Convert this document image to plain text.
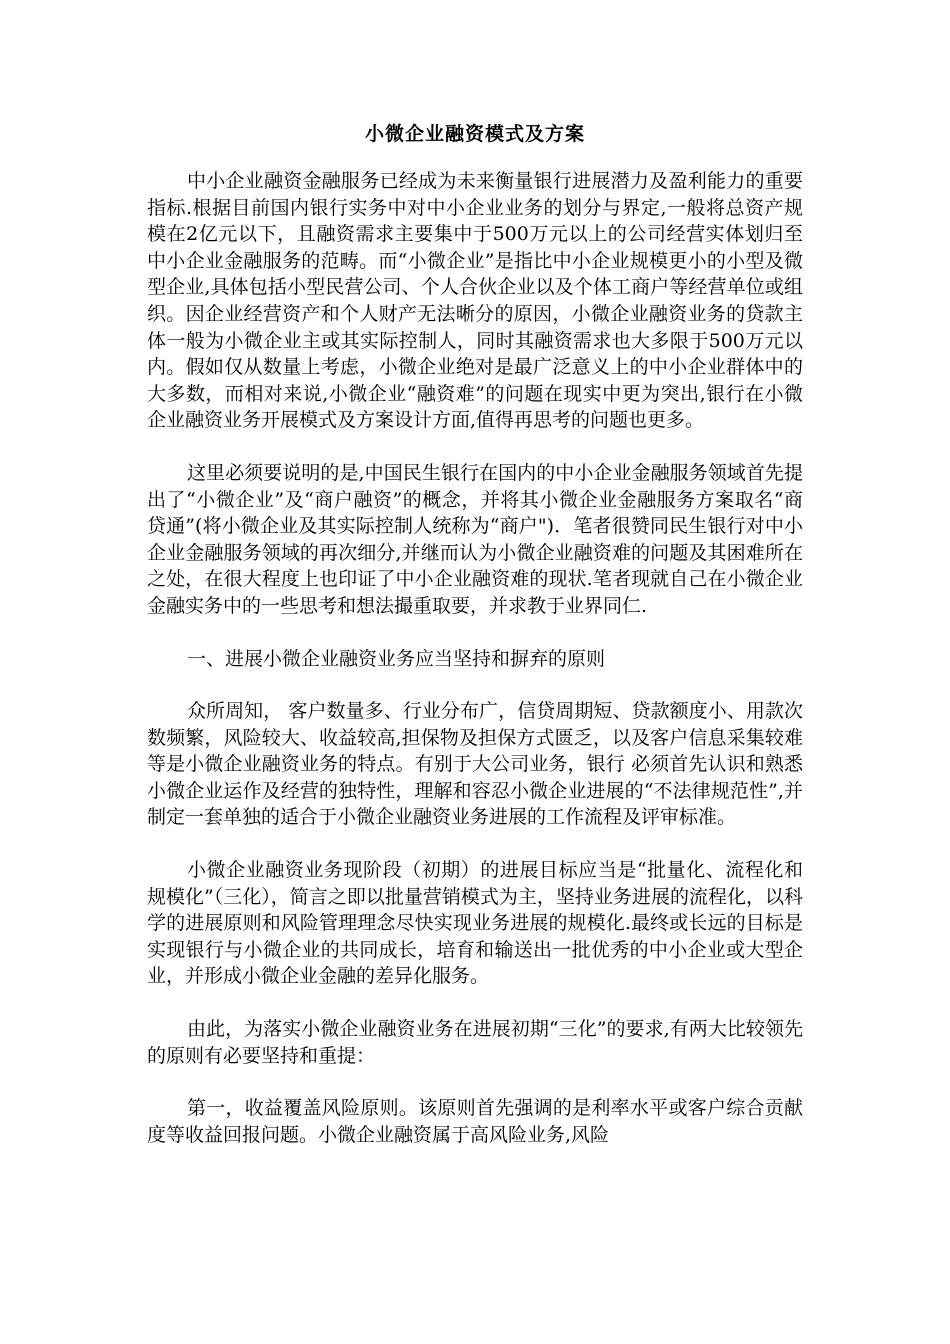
小微企业融资模式及方案
中小企业融资金融服务已经成为未来衡量银行进展潜力及盈利能力的重要指标.根据目前国内银行实务中对中小企业业务的划分与界定,一般将总资产规模在2亿元以下，且融资需求主要集中于500万元以上的公司经营实体划归至中小企业金融服务的范畴。而“小微企业”是指比中小企业规模更小的小型及微型企业,具体包括小型民营公司、个人合伙企业以及个体工商户等经营单位或组织。因企业经营资产和个人财产无法晰分的原因，小微企业融资业务的贷款主体一般为小微企业主或其实际控制人，同时其融资需求也大多限于500万元以内。假如仅从数量上考虑，小微企业绝对是最广泛意义上的中小企业群体中的大多数，而相对来说,小微企业“融资难”的问题在现实中更为突出,银行在小微企业融资业务开展模式及方案设计方面,值得再思考的问题也更多。
这里必须要说明的是,中国民生银行在国内的中小企业金融服务领域首先提出了“小微企业”及“商户融资”的概念，并将其小微企业金融服务方案取名“商贷通”(将小微企业及其实际控制人统称为“商户")．笔者很赞同民生银行对中小企业金融服务领域的再次细分,并继而认为小微企业融资难的问题及其困难所在之处，在很大程度上也印证了中小企业融资难的现状.笔者现就自己在小微企业金融实务中的一些思考和想法撮重取要，并求教于业界同仁.
一、进展小微企业融资业务应当坚持和摒弃的原则
众所周知， 客户数量多、行业分布广，信贷周期短、贷款额度小、用款次数频繁，风险较大、收益较高,担保物及担保方式匮乏，以及客户信息采集较难等是小微企业融资业务的特点。有别于大公司业务，银行 必须首先认识和熟悉小微企业运作及经营的独特性，理解和容忍小微企业进展的“不法律规范性”,并制定一套单独的适合于小微企业融资业务进展的工作流程及评审标准。
小微企业融资业务现阶段（初期）的进展目标应当是“批量化、流程化和规模化”（三化），简言之即以批量营销模式为主，坚持业务进展的流程化，以科学的进展原则和风险管理理念尽快实现业务进展的规模化.最终或长远的目标是实现银行与小微企业的共同成长，培育和输送出一批优秀的中小企业或大型企业，并形成小微企业金融的差异化服务。
由此，为落实小微企业融资业务在进展初期“三化”的要求,有两大比较领先的原则有必要坚持和重提：
第一，收益覆盖风险原则。该原则首先强调的是利率水平或客户综合贡献度等收益回报问题。小微企业融资属于高风险业务,风险
